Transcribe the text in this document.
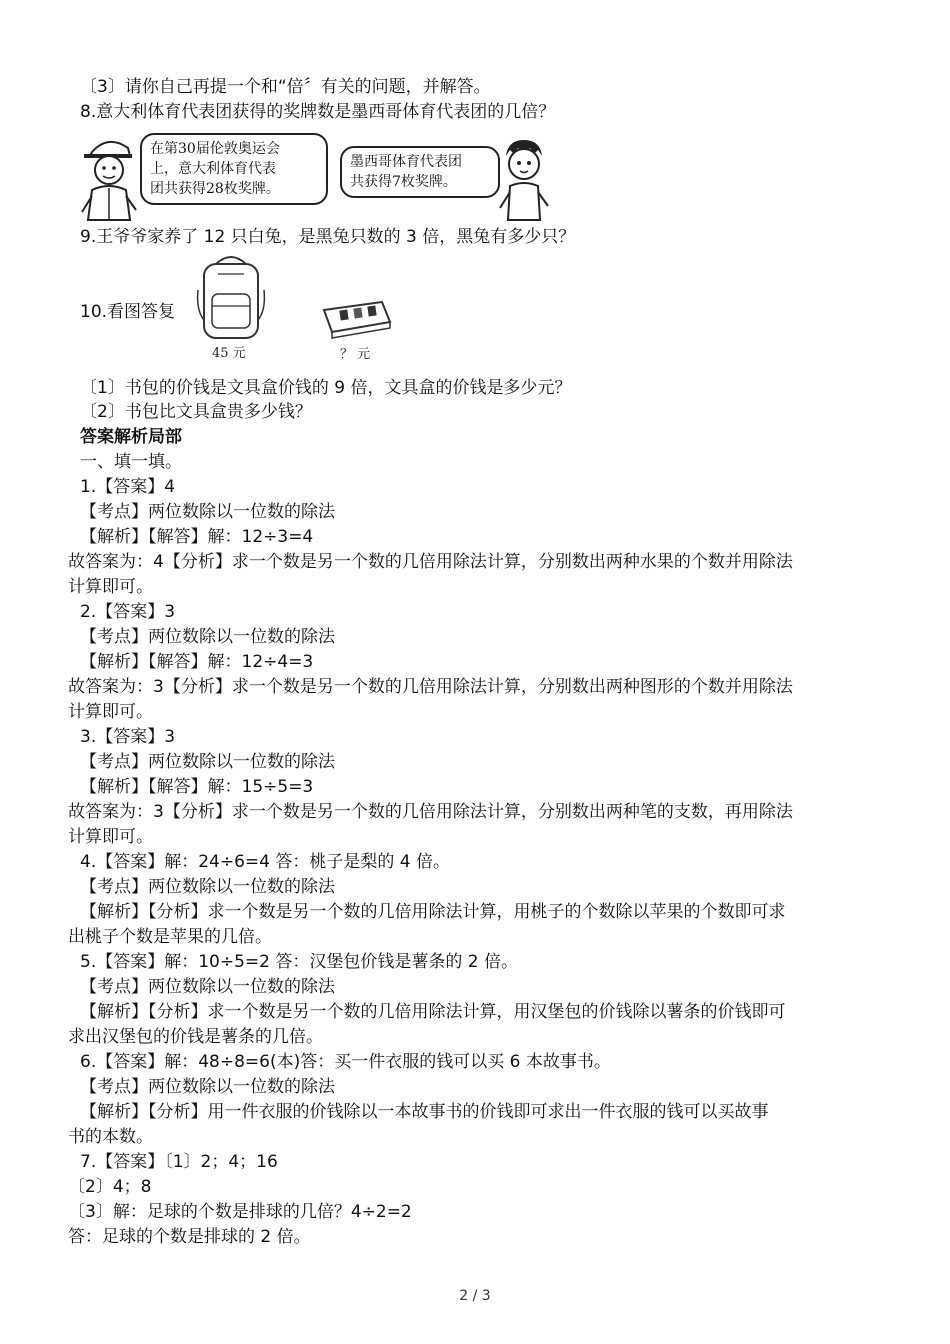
〔3〕请你自己再提一个和“倍〞有关的问题，并解答。
8.意大利体育代表团获得的奖牌数是墨西哥体育代表团的几倍？
在第30届伦敦奥运会
上，意大利体育代表
团共获得28枚奖牌。
墨西哥体育代表团
共获得7枚奖牌。
9.王爷爷家养了 12 只白兔，是黑兔只数的 3 倍，黑兔有多少只？
10.看图答复
45 元	？ 元
〔1〕书包的价钱是文具盒价钱的 9 倍，文具盒的价钱是多少元？
〔2〕书包比文具盒贵多少钱？
答案解析局部
一、填一填。
1.【答案】4
【考点】两位数除以一位数的除法
【解析】【解答】解：12÷3=4
故答案为：4【分析】求一个数是另一个数的几倍用除法计算，分别数出两种水果的个数并用除法
计算即可。
2.【答案】3
【考点】两位数除以一位数的除法
【解析】【解答】解：12÷4=3
故答案为：3【分析】求一个数是另一个数的几倍用除法计算，分别数出两种图形的个数并用除法
计算即可。
3.【答案】3
【考点】两位数除以一位数的除法
【解析】【解答】解：15÷5=3
故答案为：3【分析】求一个数是另一个数的几倍用除法计算，分别数出两种笔的支数，再用除法
计算即可。
4.【答案】解：24÷6=4 答：桃子是梨的 4 倍。
【考点】两位数除以一位数的除法
【解析】【分析】求一个数是另一个数的几倍用除法计算，用桃子的个数除以苹果的个数即可求
出桃子个数是苹果的几倍。
5.【答案】解：10÷5=2 答：汉堡包价钱是薯条的 2 倍。
【考点】两位数除以一位数的除法
【解析】【分析】求一个数是另一个数的几倍用除法计算，用汉堡包的价钱除以薯条的价钱即可
求出汉堡包的价钱是薯条的几倍。
6.【答案】解：48÷8=6(本)答：买一件衣服的钱可以买 6 本故事书。
【考点】两位数除以一位数的除法
【解析】【分析】用一件衣服的价钱除以一本故事书的价钱即可求出一件衣服的钱可以买故事
书的本数。
7.【答案】〔1〕2；4；16
〔2〕4；8
〔3〕解：足球的个数是排球的几倍？4÷2=2
答：足球的个数是排球的 2 倍。
2 / 3
